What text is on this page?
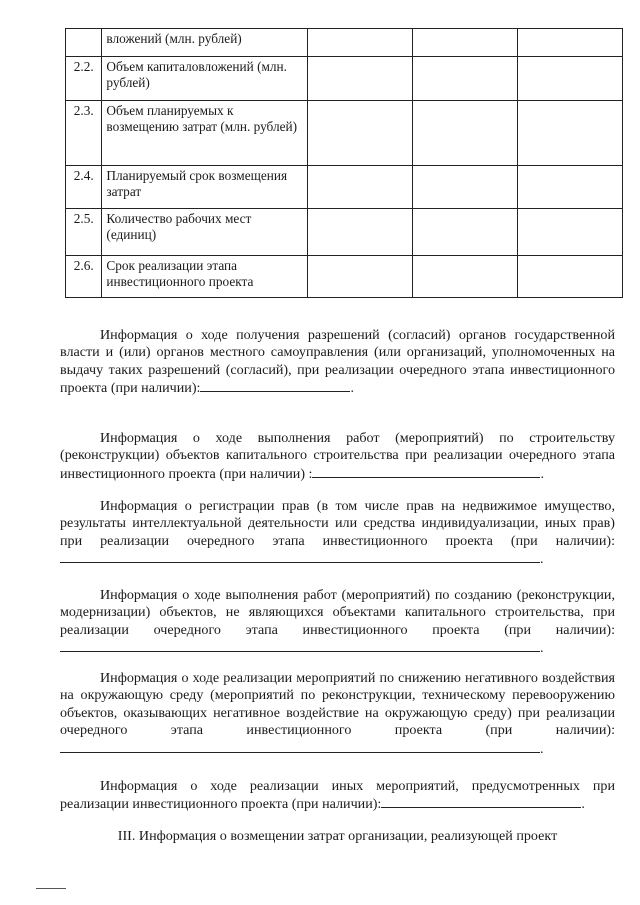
	вложений (млн. рублей)			
2.2.	Объем капиталовложений (млн. рублей)			
2.3.	Объем планируемых к возмещению затрат (млн. рублей)			
2.4.	Планируемый срок возмещения затрат			
2.5.	Количество рабочих мест (единиц)			
2.6.	Срок реализации этапа инвестиционного проекта			
Информация о ходе получения разрешений (согласий) органов государственной власти и (или) органов местного самоуправления (или организаций, уполномоченных на выдачу таких разрешений (согласий), при реализации очередного этапа инвестиционного проекта (при наличии):	.
Информация о ходе выполнения работ (мероприятий) по строительству (реконструкции) объектов капитального строительства при реализации очередного этапа инвестиционного проекта (при наличии) :	.
Информация о регистрации прав (в том числе прав на недвижимое имущество, результаты интеллектуальной деятельности или средства индивидуализации, иных прав) при реализации очередного этапа инвестиционного проекта (при наличии):.
Информация о ходе выполнения работ (мероприятий) по созданию (реконструкции, модернизации) объектов, не являющихся объектами капитального строительства, при реализации очередного этапа инвестиционного проекта (при наличии):.
Информация о ходе реализации мероприятий по снижению негативного воздействия на окружающую среду (мероприятий по реконструкции, техническому перевооружению объектов, оказывающих негативное воздействие на окружающую среду) при реализации очередного этапа инвестиционного проекта (при наличии):.
Информация о ходе реализации иных мероприятий, предусмотренных при реализации инвестиционного проекта (при наличии):	.
III. Информация о возмещении затрат организации, реализующей проект
